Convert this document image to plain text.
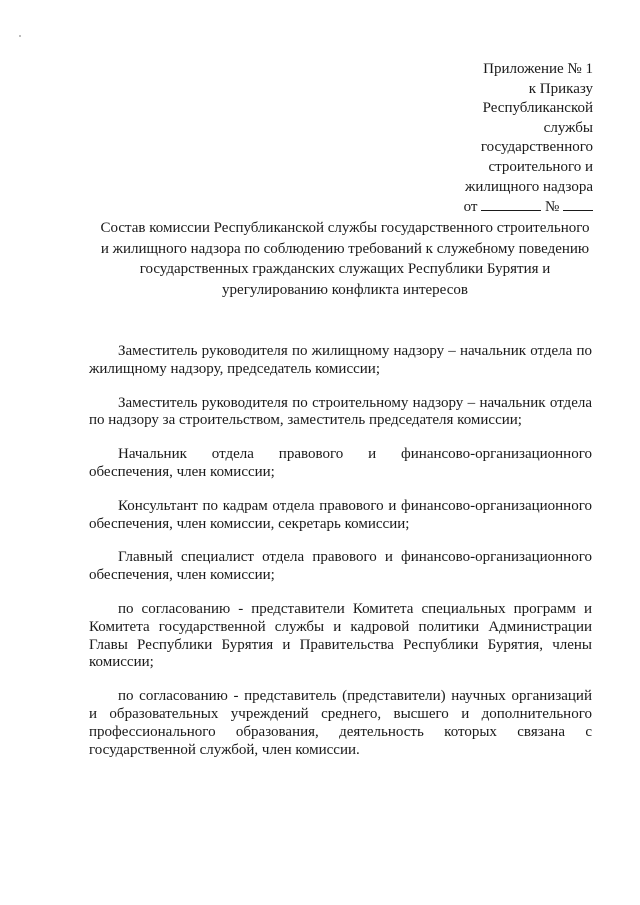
Приложение № 1
к Приказу
Республиканской
службы
государственного
строительного и
жилищного надзора
от	№
Состав комиссии Республиканской службы государственного строительного и жилищного надзора по соблюдению требований к служебному поведению государственных гражданских служащих Республики Бурятия и урегулированию конфликта интересов

Заместитель руководителя по жилищному надзору – начальник отдела по жилищному надзору, председатель комиссии;

Заместитель руководителя по строительному надзору – начальник отдела по надзору за строительством, заместитель председателя комиссии;

Начальник отдела правового и финансово-организационного обеспечения, член комиссии;

Консультант по кадрам отдела правового и финансово-организационного обеспечения, член комиссии, секретарь комиссии;

Главный специалист отдела правового и финансово-организационного обеспечения, член комиссии;

по согласованию - представители Комитета специальных программ и Комитета государственной службы и кадровой политики Администрации Главы Республики Бурятия и Правительства Республики Бурятия, члены комиссии;

по согласованию - представитель (представители) научных организаций и образовательных учреждений среднего, высшего и дополнительного профессионального образования, деятельность которых связана с государственной службой, член комиссии.
